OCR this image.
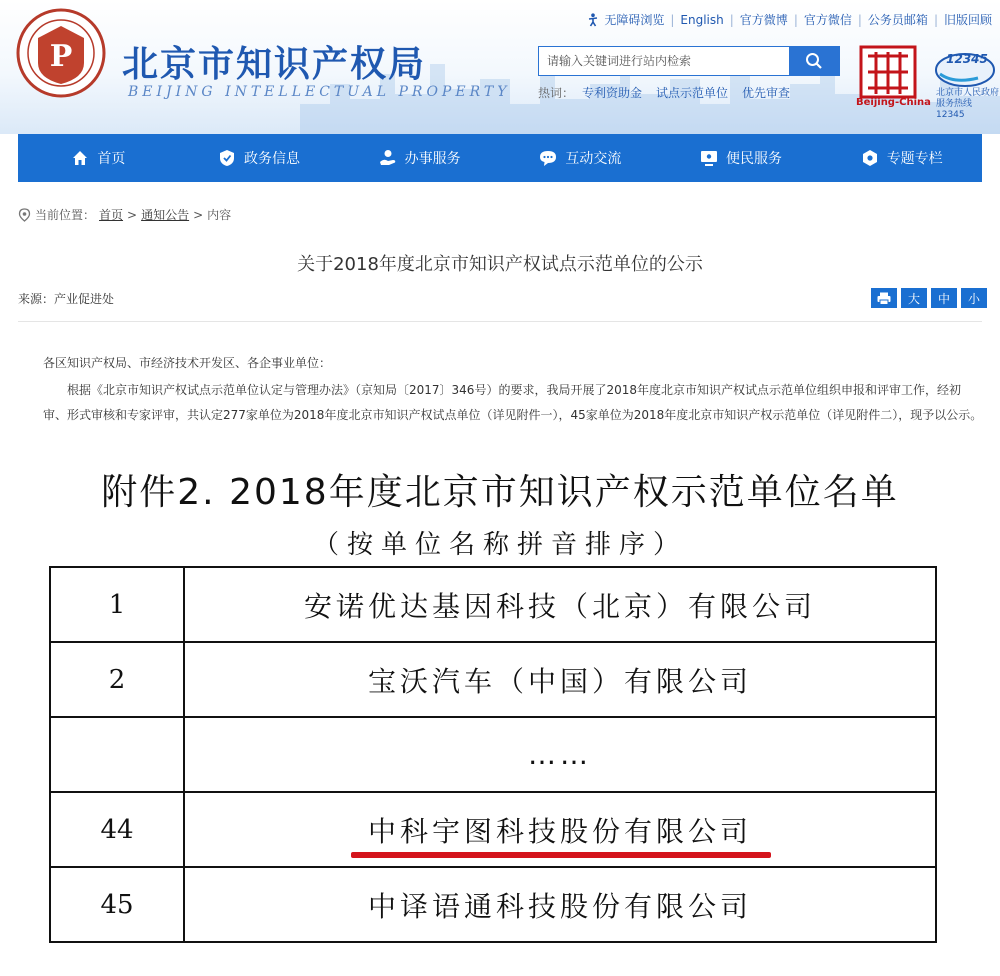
P 北京市知识产权局
BEIJING INTELLECTUAL PROPERTY
无障碍浏览 | English | 官方微博 | 官方微信 | 公务员邮箱 | 旧版回顾
请输入关键词进行站内检索
热词： 专利资助金 试点示范单位 优先审查
Beijing-China
12345
北京市人民政府服务热线12345
首页	政务信息	办事服务	互动交流	便民服务	专题专栏
当前位置： 首页 > 通知公告 > 内容
关于2018年度北京市知识产权试点示范单位的公示
来源：产业促进处	大	中	小
各区知识产权局、市经济技术开发区、各企事业单位：
根据《北京市知识产权试点示范单位认定与管理办法》（京知局〔2017〕346号）的要求，我局开展了2018年度北京市知识产权试点示范单位组织申报和评审工作，经初审、形式审核和专家评审，共认定277家单位为2018年度北京市知识产权试点单位（详见附件一），45家单位为2018年度北京市知识产权示范单位（详见附件二），现予以公示。
附件2. 2018年度北京市知识产权示范单位名单
（按单位名称拼音排序）
1	安诺优达基因科技（北京）有限公司
2	宝沃汽车（中国）有限公司
	……
44	中科宇图科技股份有限公司
45	中译语通科技股份有限公司
